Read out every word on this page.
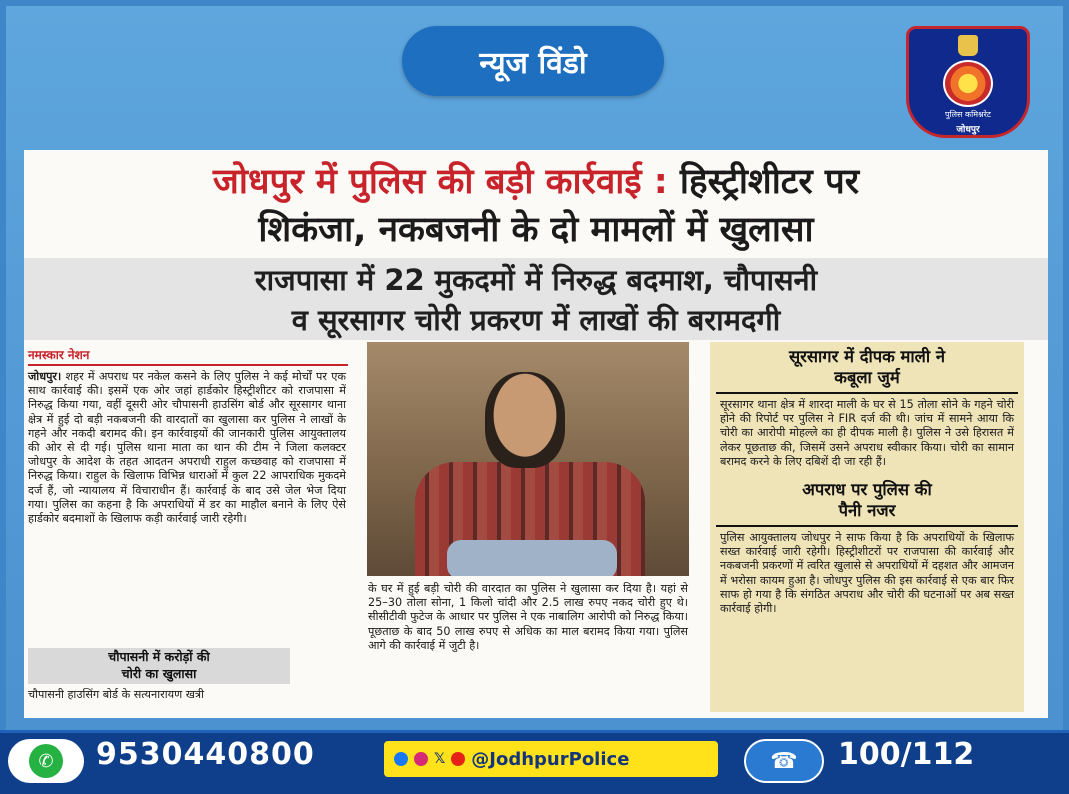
न्यूज विंडो
पुलिस कमिश्नरेट
जोधपुर
जोधपुर में पुलिस की बड़ी कार्रवाई : हिस्ट्रीशीटर पर
शिकंजा, नकबजनी के दो मामलों में खुलासा
राजपासा में 22 मुकदमों में निरुद्ध बदमाश, चौपासनी
व सूरसागर चोरी प्रकरण में लाखों की बरामदगी
नमस्कार नेशन
जोधपुर। शहर में अपराध पर नकेल कसने के लिए पुलिस ने कई मोर्चों पर एक साथ कार्रवाई की। इसमें एक ओर जहां हार्डकोर हिस्ट्रीशीटर को राजपासा में निरुद्ध किया गया, वहीं दूसरी ओर चौपासनी हाउसिंग बोर्ड और सूरसागर थाना क्षेत्र में हुई दो बड़ी नकबजनी की वारदातों का खुलासा कर पुलिस ने लाखों के गहने और नकदी बरामद की। इन कार्रवाइयों की जानकारी पुलिस आयुक्तालय की ओर से दी गई। पुलिस थाना माता का थान की टीम ने जिला कलक्टर जोधपुर के आदेश के तहत आदतन अपराधी राहुल कच्छवाह को राजपासा में निरुद्ध किया। राहुल के खिलाफ विभिन्न धाराओं में कुल 22 आपराधिक मुकदमे दर्ज हैं, जो न्यायालय में विचाराधीन हैं। कार्रवाई के बाद उसे जेल भेज दिया गया। पुलिस का कहना है कि अपराधियों में डर का माहौल बनाने के लिए ऐसे हार्डकोर बदमाशों के खिलाफ कड़ी कार्रवाई जारी रहेगी।
चौपासनी में करोड़ों की
चोरी का खुलासा
चौपासनी हाउसिंग बोर्ड के सत्यनारायण खत्री
के घर में हुई बड़ी चोरी की वारदात का पुलिस ने खुलासा कर दिया है। यहां से 25–30 तोला सोना, 1 किलो चांदी और 2.5 लाख रुपए नकद चोरी हुए थे। सीसीटीवी फुटेज के आधार पर पुलिस ने एक नाबालिग आरोपी को निरुद्ध किया। पूछताछ के बाद 50 लाख रुपए से अधिक का माल बरामद किया गया। पुलिस आगे की कार्रवाई में जुटी है।
सूरसागर में दीपक माली ने
कबूला जुर्म
सूरसागर थाना क्षेत्र में शारदा माली के घर से 15 तोला सोने के गहने चोरी होने की रिपोर्ट पर पुलिस ने FIR दर्ज की थी। जांच में सामने आया कि चोरी का आरोपी मोहल्ले का ही दीपक माली है। पुलिस ने उसे हिरासत में लेकर पूछताछ की, जिसमें उसने अपराध स्वीकार किया। चोरी का सामान बरामद करने के लिए दबिशें दी जा रही हैं।
अपराध पर पुलिस की
पैनी नजर
पुलिस आयुक्तालय जोधपुर ने साफ किया है कि अपराधियों के खिलाफ सख्त कार्रवाई जारी रहेगी। हिस्ट्रीशीटरों पर राजपासा की कार्रवाई और नकबजनी प्रकरणों में त्वरित खुलासे से अपराधियों में दहशत और आमजन में भरोसा कायम हुआ है। जोधपुर पुलिस की इस कार्रवाई से एक बार फिर साफ हो गया है कि संगठित अपराध और चोरी की घटनाओं पर अब सख्त कार्रवाई होगी।
✆	9530440800	𝕏 @JodhpurPolice	☎	100/112
